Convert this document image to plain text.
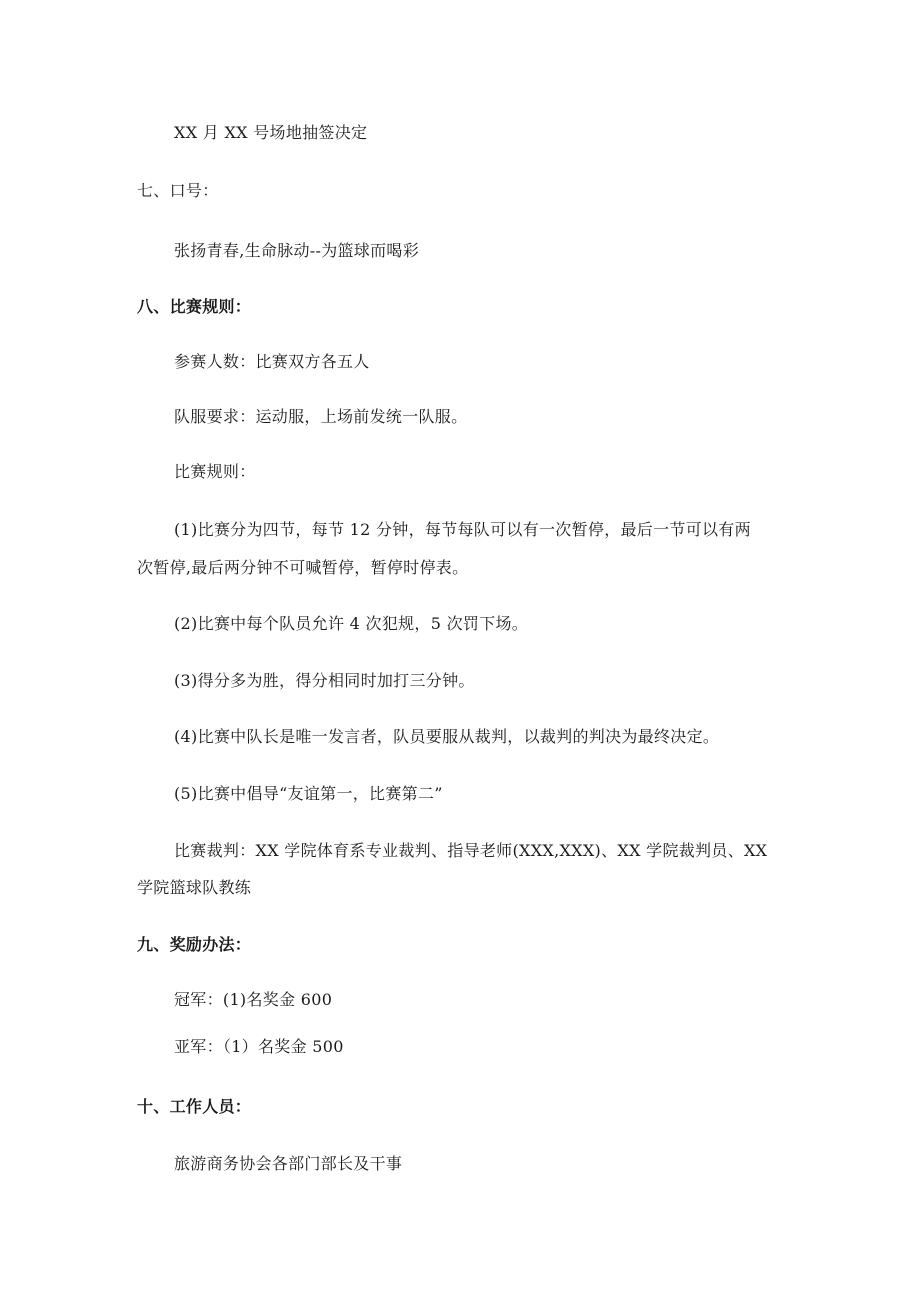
XX 月 XX 号场地抽签决定
七、口号：
张扬青春,生命脉动--为篮球而喝彩
八、比赛规则：
参赛人数：比赛双方各五人
队服要求：运动服，上场前发统一队服。
比赛规则：
(1)比赛分为四节，每节 12 分钟，每节每队可以有一次暂停，最后一节可以有两
次暂停,最后两分钟不可喊暂停，暂停时停表。
(2)比赛中每个队员允许 4 次犯规，5 次罚下场。
(3)得分多为胜，得分相同时加打三分钟。
(4)比赛中队长是唯一发言者，队员要服从裁判，以裁判的判决为最终决定。
(5)比赛中倡导“友谊第一，比赛第二”
比赛裁判：XX 学院体育系专业裁判、指导老师(XXX,XXX)、XX 学院裁判员、XX
学院篮球队教练
九、奖励办法：
冠军：(1)名奖金 600
亚军：（1）名奖金 500
十、工作人员：
旅游商务协会各部门部长及干事
